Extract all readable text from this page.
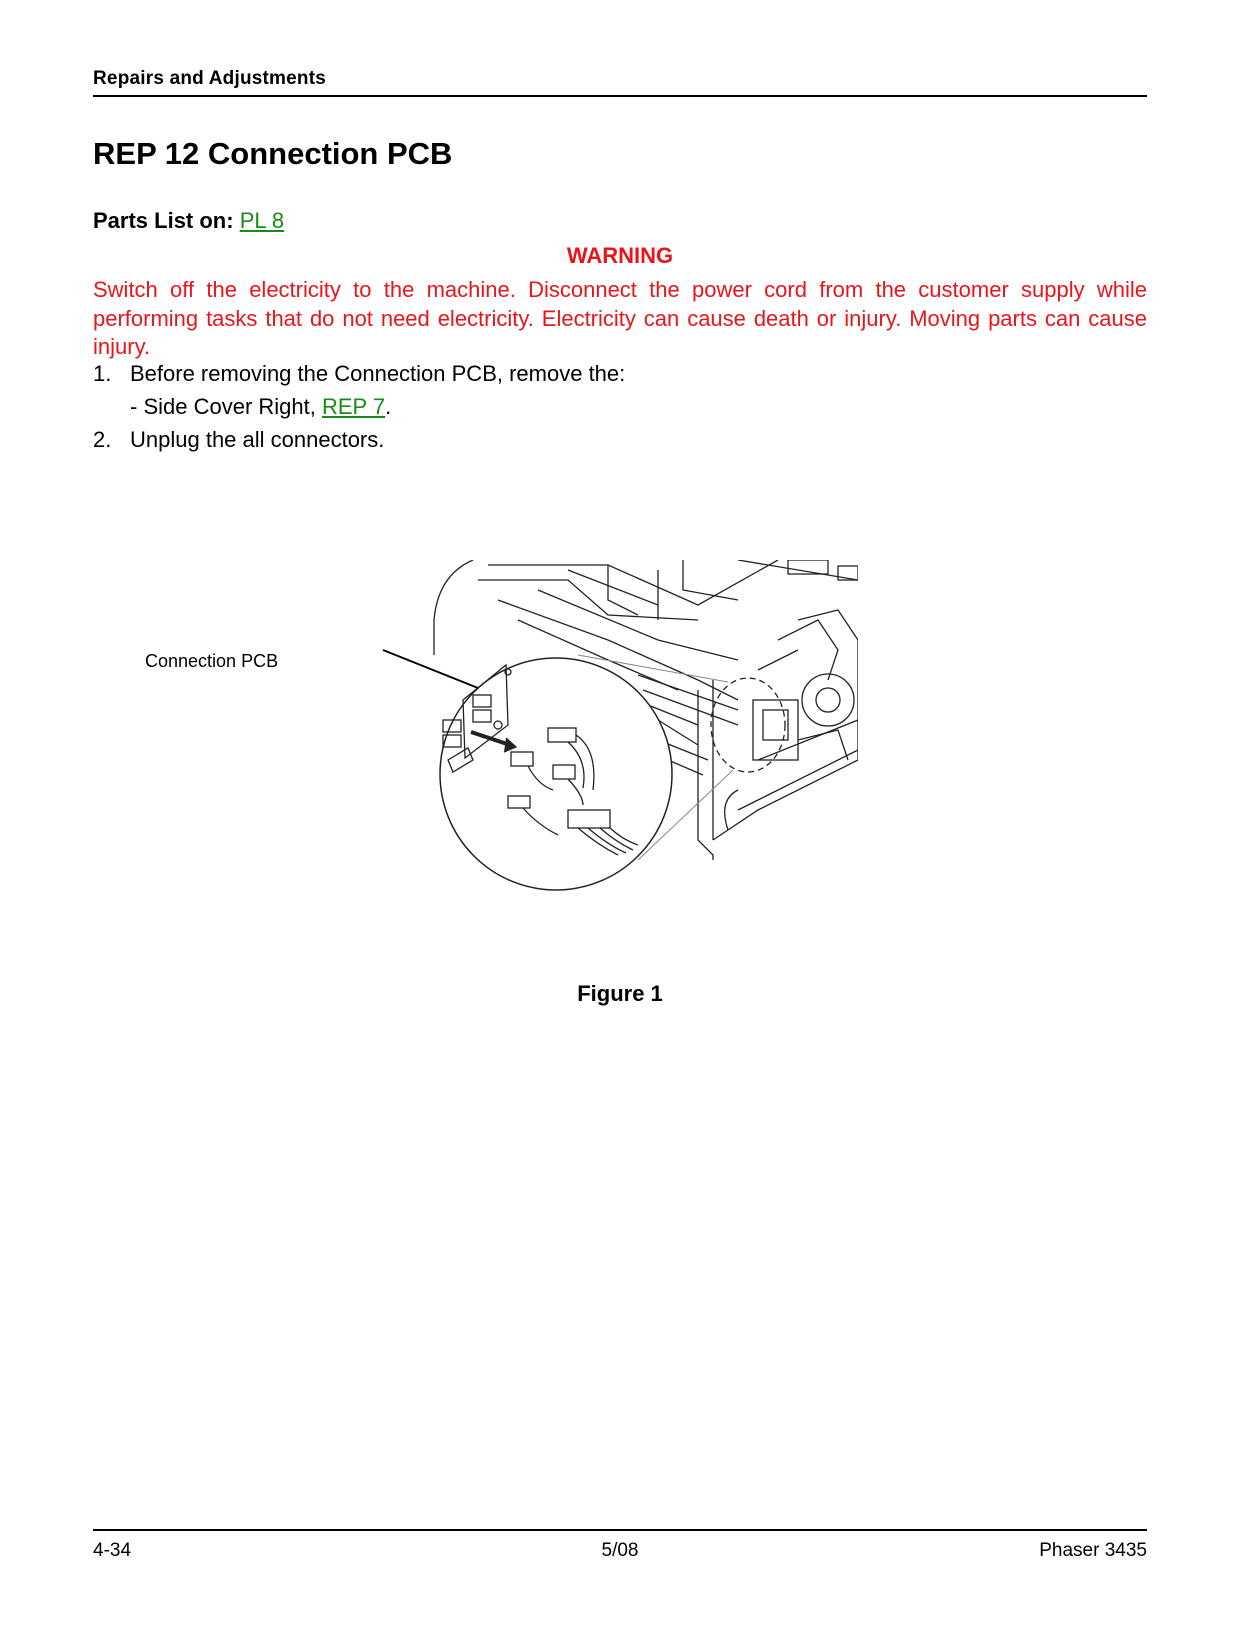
Repairs and Adjustments
REP 12 Connection PCB
Parts List on: PL 8
WARNING

Switch off the electricity to the machine. Disconnect the power cord from the customer supply while performing tasks that do not need electricity. Electricity can cause death or injury. Moving parts can cause injury.

1. Before removing the Connection PCB, remove the:
- Side Cover Right, REP 7.
2. Unplug the all connectors.
Connection PCB
Figure 1
4-34	5/08	Phaser 3435
